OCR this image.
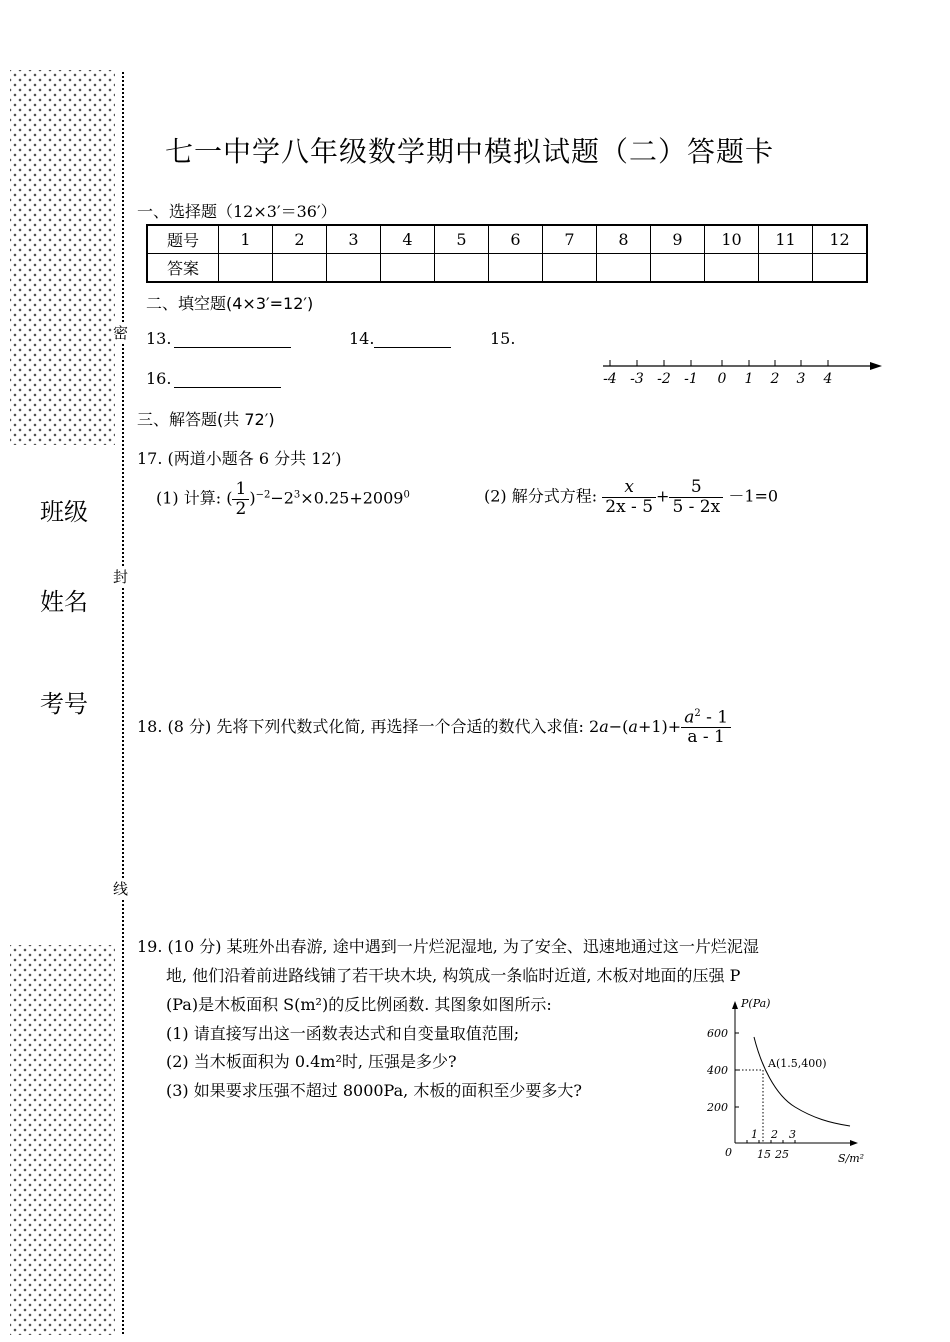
密
封
线
班级
姓名
考号
七一中学八年级数学期中模拟试题（二）答题卡
一、选择题（12×3′＝36′）
题号	1	2	3	4	5	6	7	8	9	10	11	12
答案												
二、填空题(4×3′=12′)
13.	14.	15.
16.	-4 -3 -2 -1 0 1 2 3 4
三、解答题(共 72′)
17. (两道小题各 6 分共 12′)
(1) 计算: ( $\frac{1}{2} )^{-2}-2^3\times 0.25+2009^0$	(2) 解分式方程: $\frac{x}{2x - 5} + \frac{5}{5 - 2x} -1=0$
18. (8 分) 先将下列代数式化简, 再选择一个合适的数代入求值: $2a-(a+1)+ \frac{a^2 - 1}{a - 1}$
19. (10 分) 某班外出春游, 途中遇到一片烂泥湿地, 为了安全、迅速地通过这一片烂泥湿
地, 他们沿着前进路线铺了若干块木块, 构筑成一条临时近道, 木板对地面的压强 P
(Pa)是木板面积 S(m²)的反比例函数. 其图象如图所示:
(1) 请直接写出这一函数表达式和自变量取值范围;
(2) 当木板面积为 0.4m²时, 压强是多少?
(3) 如果要求压强不超过 8000Pa, 木板的面积至少要多大?
P(Pa)
S/m²
0
600
400
200
A(1.5,400)
1 2 3
15 25
